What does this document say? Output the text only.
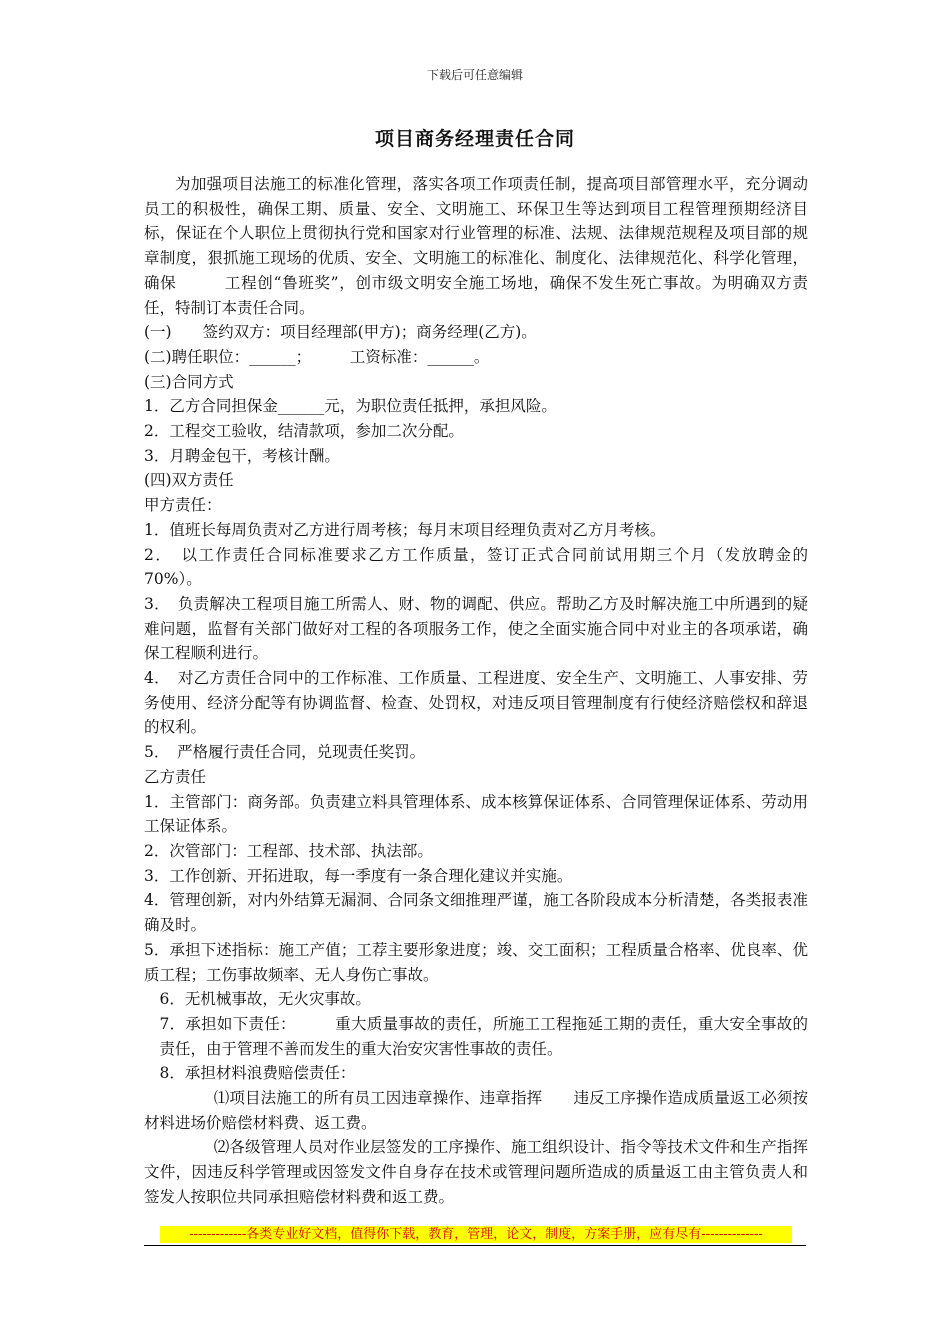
下载后可任意编辑
项目商务经理责任合同

为加强项目法施工的标准化管理，落实各项工作项责任制，提高项目部管理水平，充分调动员工的积极性，确保工期、质量、安全、文明施工、环保卫生等达到项目工程管理预期经济目标，保证在个人职位上贯彻执行党和国家对行业管理的标准、法规、法律规范规程及项目部的规章制度，狠抓施工现场的优质、安全、文明施工的标准化、制度化、法律规范化、科学化管理，确保　　　工程创“鲁班奖”，创市级文明安全施工场地，确保不发生死亡事故。为明确双方责任，特制订本责任合同。

(一)　　签约双方：项目经理部(甲方)；商务经理(乙方)。

(二)聘任职位：______；　　　工资标准：______。

(三)合同方式

1．乙方合同担保金______元，为职位责任抵押，承担风险。

2．工程交工验收，结清款项，参加二次分配。

3．月聘金包干，考核计酬。

(四)双方责任

甲方责任：

1．值班长每周负责对乙方进行周考核；每月末项目经理负责对乙方月考核。

2．　以工作责任合同标准要求乙方工作质量，签订正式合同前试用期三个月（发放聘金的70%）。

3．　负责解决工程项目施工所需人、财、物的调配、供应。帮助乙方及时解决施工中所遇到的疑难问题，监督有关部门做好对工程的各项服务工作，使之全面实施合同中对业主的各项承诺，确保工程顺利进行。

4．　对乙方责任合同中的工作标准、工作质量、工程进度、安全生产、文明施工、人事安排、劳务使用、经济分配等有协调监督、检查、处罚权，对违反项目管理制度有行使经济赔偿权和辞退的权利。

5．　严格履行责任合同，兑现责任奖罚。

乙方责任

1．主管部门：商务部。负责建立料具管理体系、成本核算保证体系、合同管理保证体系、劳动用工保证体系。

2．次管部门：工程部、技术部、执法部。

3．工作创新、开拓进取，每一季度有一条合理化建议并实施。

4．管理创新，对内外结算无漏洞、合同条文细推理严谨，施工各阶段成本分析清楚，各类报表准确及时。

5．承担下述指标：施工产值；工荐主要形象进度；竣、交工面积；工程质量合格率、优良率、优质工程；工伤事故频率、无人身伤亡事故。

6．无机械事故，无火灾事故。

7．承担如下责任：　　　重大质量事故的责任，所施工工程拖延工期的责任，重大安全事故的责任，由于管理不善而发生的重大治安灾害性事故的责任。

8．承担材料浪费赔偿责任：

⑴项目法施工的所有员工因违章操作、违章指挥　　违反工序操作造成质量返工必须按材料进场价赔偿材料费、返工费。

⑵各级管理人员对作业层签发的工序操作、施工组织设计、指令等技术文件和生产指挥文件，因违反科学管理或因签发文件自身存在技术或管理问题所造成的质量返工由主管负责人和签发人按职位共同承担赔偿材料费和返工费。

-------------各类专业好文档，值得你下载，教育，管理，论文，制度，方案手册，应有尽有--------------
